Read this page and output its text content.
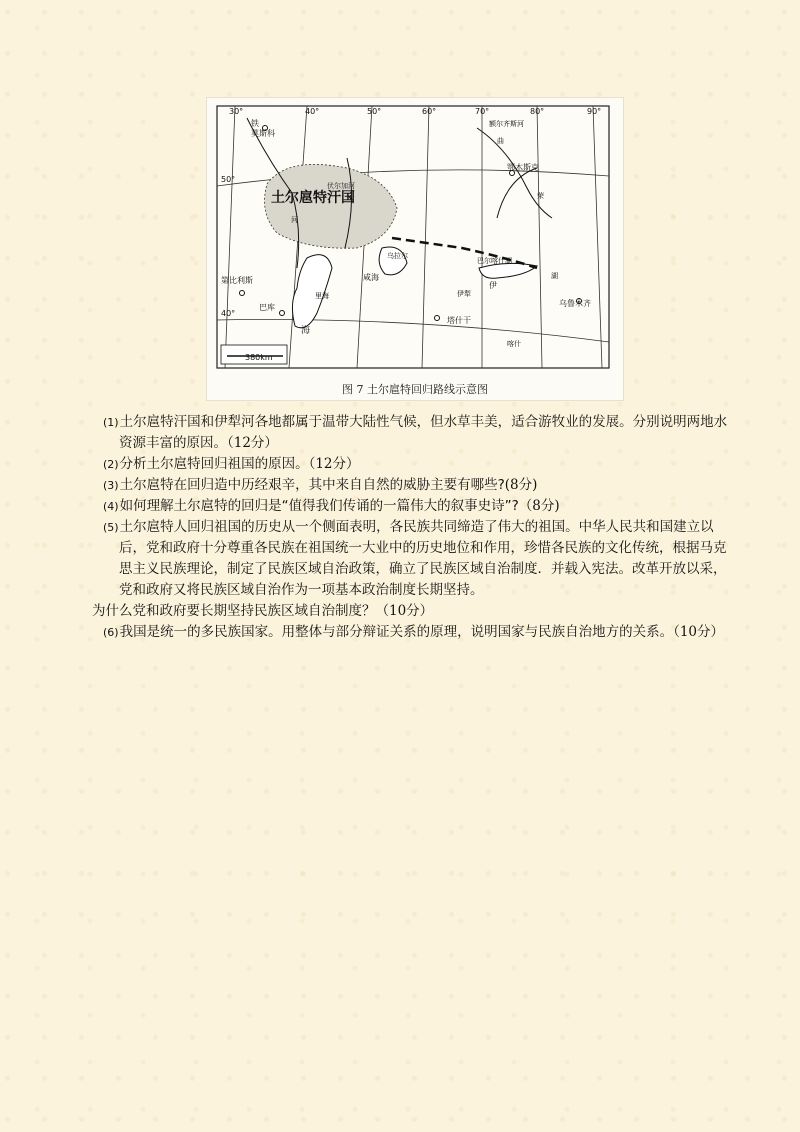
30°	40°	50°	60°	70°	80°	90°
50°
40°
铁
莫斯科
土尔扈特汗国
伏尔加河
第比利斯
巴库
海
咸海
乌拉尔
鄂木斯克
曲
巴尔喀什湖
伊
塔什干
乌鲁木齐
喀什
380km
额尔齐斯河
伊犁
湖
河
荣
里海
图 7 土尔扈特回归路线示意图

(1)土尔扈特汗国和伊犁河各地都属于温带大陆性气候，但水草丰美，适合游牧业的发展。分别说明两地水资源丰富的原因。（12分）

(2)分析土尔扈特回归祖国的原因。（12分）

(3)土尔扈特在回归造中历经艰辛，其中来自自然的威胁主要有哪些?(8分)

(4)如何理解土尔扈特的回归是“值得我们传诵的一篇伟大的叙事史诗”?（8分)

(5)土尔扈特人回归祖国的历史从一个侧面表明，各民族共同缔造了伟大的祖国。中华人民共和国建立以后，党和政府十分尊重各民族在祖国统一大业中的历史地位和作用，珍惜各民族的文化传统，根据马克思主义民族理论，制定了民族区域自治政策，确立了民族区域自治制度．并载入宪法。改革开放以采，党和政府又将民族区域自治作为一项基本政治制度长期坚持。

为什么党和政府要长期坚持民族区域自治制度？（10分）

(6)我国是统一的多民族国家。用整体与部分辩证关系的原理，说明国家与民族自治地方的关系。（10分）
